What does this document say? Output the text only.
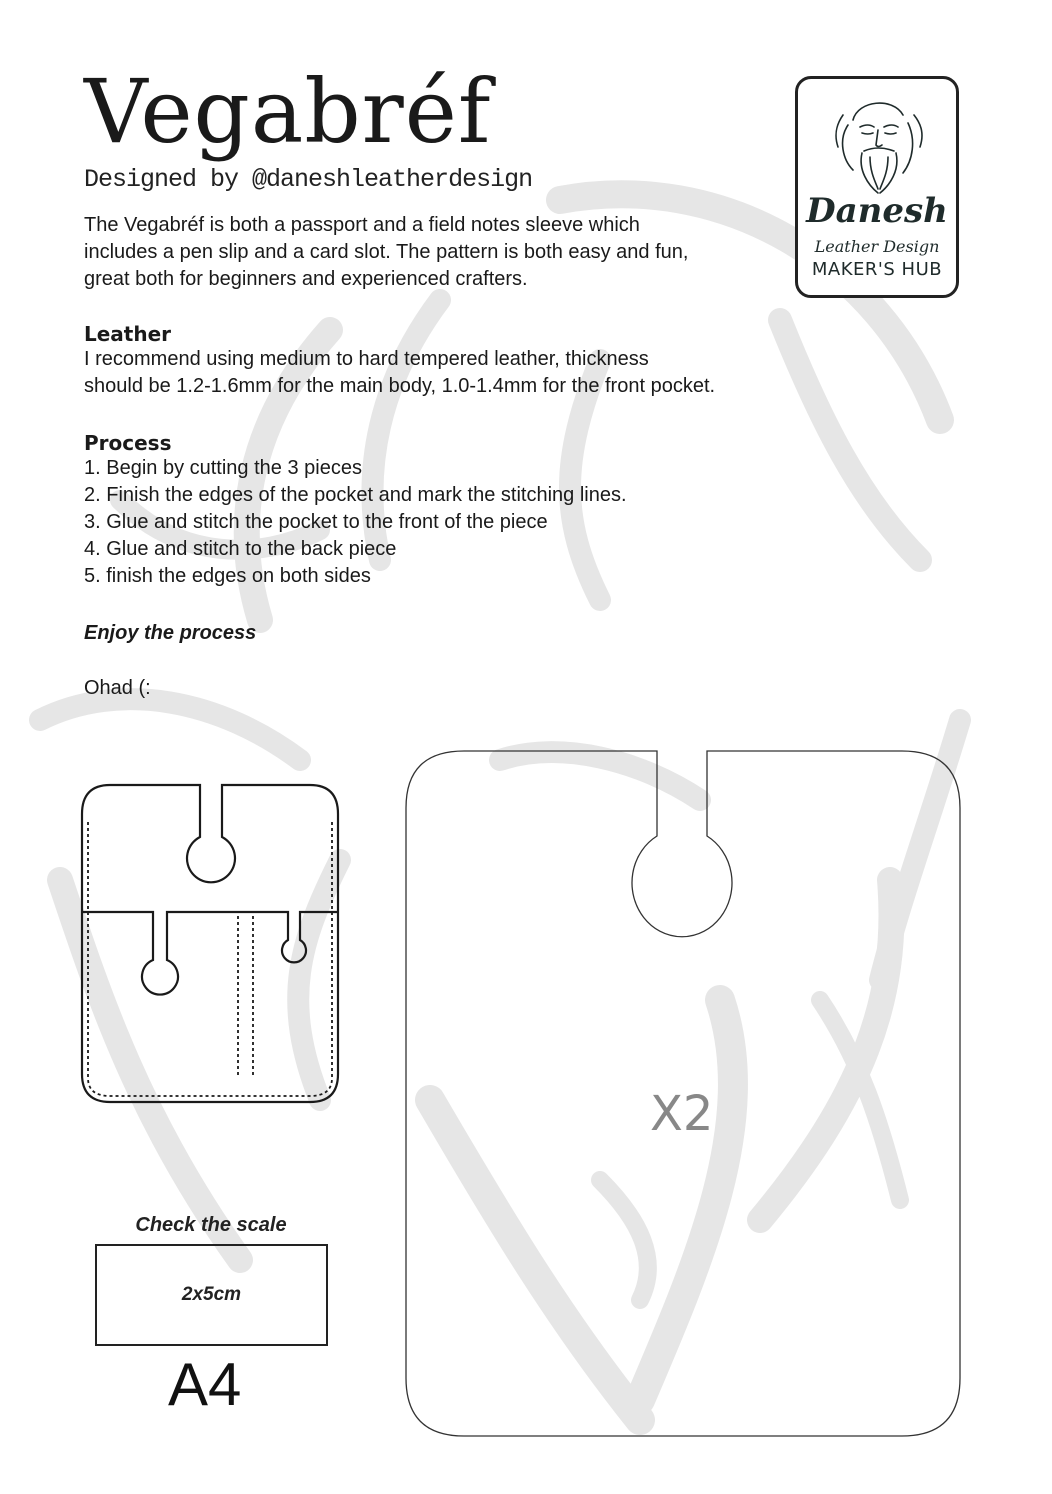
Vegabréf
Designed by @daneshleatherdesign
The Vegabréf is both a passport and a field notes sleeve which
includes a pen slip and a card slot. The pattern is both easy and fun,
great both for beginners and experienced crafters.
Danesh
Leather Design
MAKER'S HUB
Leather
I recommend using medium to hard tempered leather, thickness
should be 1.2-1.6mm for the main body, 1.0-1.4mm for the front pocket.
Process
1. Begin by cutting the 3 pieces
2. Finish the edges of the pocket and mark the stitching lines.
3. Glue and stitch the pocket to the front of the piece
4. Glue and stitch to the back piece
5. finish the edges on both sides
Enjoy the process
Ohad (:
Check the scale
2x5cm
A4
X2
